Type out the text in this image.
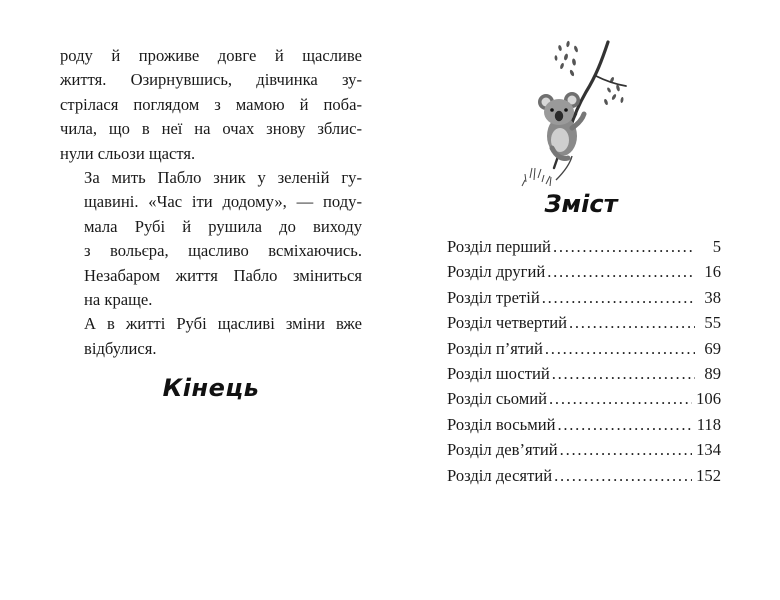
роду й проживе довге й щасливе
життя. Озирнувшись, дівчинка зу-
стрілася поглядом з мамою й поба-
чила, що в неї на очах знову зблис-
нули сльози щастя.

За мить Пабло зник у зеленій гу-
щавині. «Час іти додому», — поду-
мала Рубі й рушила до виходу
з вольєра, щасливо всміхаючись.
Незабаром життя Пабло зміниться
на краще.

А в житті Рубі щасливі зміни вже
відбулися.

Кінець
Зміст
Розділ перший . . .	5
Розділ другий . . .	16
Розділ третій . . .	38
Розділ четвертий . . .	55
Розділ п’ятий . . .	69
Розділ шостий . . .	89
Розділ сьомий . . .	106
Розділ восьмий . . .	118
Розділ дев’ятий . . .	134
Розділ десятий . . .	152
